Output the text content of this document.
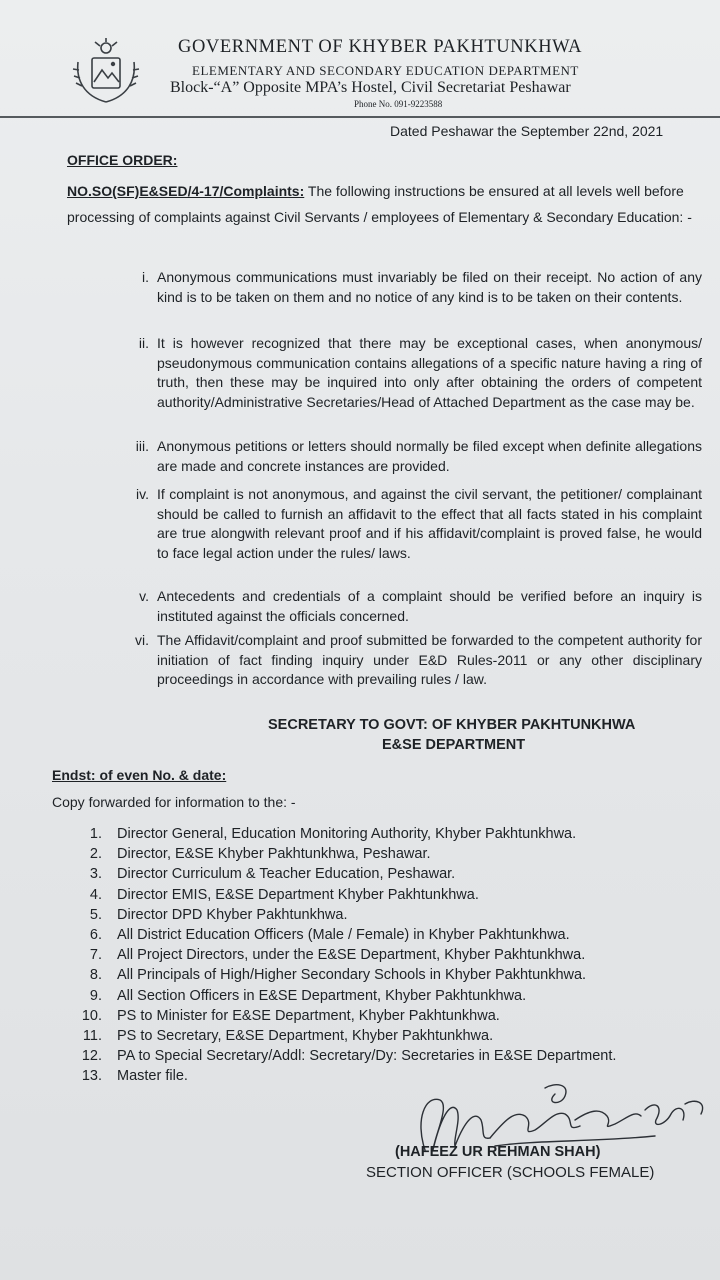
GOVERNMENT OF KHYBER PAKHTUNKHWA
ELEMENTARY AND SECONDARY EDUCATION DEPARTMENT
Block-“A” Opposite MPA’s Hostel, Civil Secretariat Peshawar
Phone No. 091-9223588
Dated Peshawar the September 22nd, 2021
OFFICE ORDER:
NO.SO(SF)E&SED/4-17/Complaints: The following instructions be ensured at all levels well before processing of complaints against Civil Servants / employees of Elementary & Secondary Education: -
i. Anonymous communications must invariably be filed on their receipt. No action of any kind is to be taken on them and no notice of any kind is to be taken on their contents.
ii. It is however recognized that there may be exceptional cases, when anonymous/ pseudonymous communication contains allegations of a specific nature having a ring of truth, then these may be inquired into only after obtaining the orders of competent authority/Administrative Secretaries/Head of Attached Department as the case may be.
iii. Anonymous petitions or letters should normally be filed except when definite allegations are made and concrete instances are provided.
iv. If complaint is not anonymous, and against the civil servant, the petitioner/ complainant should be called to furnish an affidavit to the effect that all facts stated in his complaint are true alongwith relevant proof and if his affidavit/complaint is proved false, he would to face legal action under the rules/ laws.
v. Antecedents and credentials of a complaint should be verified before an inquiry is instituted against the officials concerned.
vi. The Affidavit/complaint and proof submitted be forwarded to the competent authority for initiation of fact finding inquiry under E&D Rules-2011 or any other disciplinary proceedings in accordance with prevailing rules / law.
SECRETARY TO GOVT: OF KHYBER PAKHTUNKHWA
E&SE DEPARTMENT
Endst: of even No. & date:
Copy forwarded for information to the: -
1. Director General, Education Monitoring Authority, Khyber Pakhtunkhwa.
2. Director, E&SE Khyber Pakhtunkhwa, Peshawar.
3. Director Curriculum & Teacher Education, Peshawar.
4. Director EMIS, E&SE Department Khyber Pakhtunkhwa.
5. Director DPD Khyber Pakhtunkhwa.
6. All District Education Officers (Male / Female) in Khyber Pakhtunkhwa.
7. All Project Directors, under the E&SE Department, Khyber Pakhtunkhwa.
8. All Principals of High/Higher Secondary Schools in Khyber Pakhtunkhwa.
9. All Section Officers in E&SE Department, Khyber Pakhtunkhwa.
10. PS to Minister for E&SE Department, Khyber Pakhtunkhwa.
11. PS to Secretary, E&SE Department, Khyber Pakhtunkhwa.
12. PA to Special Secretary/Addl: Secretary/Dy: Secretaries in E&SE Department.
13. Master file.
(HAFEEZ UR REHMAN SHAH)
SECTION OFFICER (SCHOOLS FEMALE)
